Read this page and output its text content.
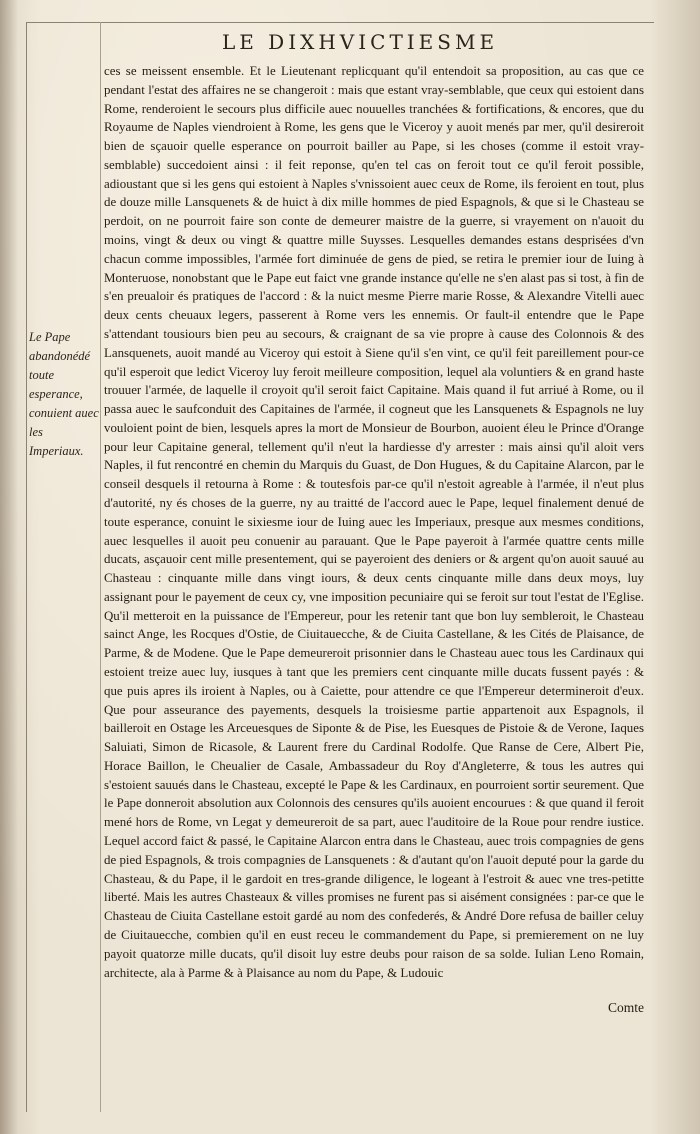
LE DIXHVICTIESME
Le Pape abandonédé toute esperance, conuient auec les Imperiaux.

ces se meissent ensemble. Et le Lieutenant replicquant qu'il entendoit sa proposition, au cas que ce pendant l'estat des affaires ne se changeroit : mais que estant vray-semblable, que ceux qui estoient dans Rome, renderoient le secours plus difficile auec nouuelles tranchées & fortifications, & encores, que du Royaume de Naples viendroient à Rome, les gens que le Viceroy y auoit menés par mer, qu'il desireroit bien de sçauoir quelle esperance on pourroit bailler au Pape, si les choses (comme il estoit vray-semblable) succedoient ainsi : il feit reponse, qu'en tel cas on feroit tout ce qu'il feroit possible, adioustant que si les gens qui estoient à Naples s'vnissoient auec ceux de Rome, ils feroient en tout, plus de douze mille Lansquenets & de huict à dix mille hommes de pied Espagnols, & que si le Chasteau se perdoit, on ne pourroit faire son conte de demeurer maistre de la guerre, si vrayement on n'auoit du moins, vingt & deux ou vingt & quattre mille Suysses. Lesquelles demandes estans desprisées d'vn chacun comme impossibles, l'armée fort diminuée de gens de pied, se retira le premier iour de Iuing à Monteruose, nonobstant que le Pape eut faict vne grande instance qu'elle ne s'en alast pas si tost, à fin de s'en preualoir és pratiques de l'accord : & la nuict mesme Pierre marie Rosse, & Alexandre Vitelli auec deux cents cheuaux legers, passerent à Rome vers les ennemis. Or fault-il entendre que le Pape s'attendant tousiours bien peu au secours, & craignant de sa vie propre à cause des Colonnois & des Lansquenets, auoit mandé au Viceroy qui estoit à Siene qu'il s'en vint, ce qu'il feit pareillement pour-ce qu'il esperoit que ledict Viceroy luy feroit meilleure composition, lequel ala voluntiers & en grand haste trouuer l'armée, de laquelle il croyoit qu'il seroit faict Capitaine. Mais quand il fut arriué à Rome, ou il passa auec le saufconduit des Capitaines de l'armée, il cogneut que les Lansquenets & Espagnols ne luy vouloient point de bien, lesquels apres la mort de Monsieur de Bourbon, auoient éleu le Prince d'Orange pour leur Capitaine general, tellement qu'il n'eut la hardiesse d'y arrester : mais ainsi qu'il aloit vers Naples, il fut rencontré en chemin du Marquis du Guast, de Don Hugues, & du Capitaine Alarcon, par le conseil desquels il retourna à Rome : & toutesfois par-ce qu'il n'estoit agreable à l'armée, il n'eut plus d'autorité, ny és choses de la guerre, ny au traitté de l'accord auec le Pape, lequel finalement denué de toute esperance, conuint le sixiesme iour de Iuing auec les Imperiaux, presque aux mesmes conditions, auec lesquelles il auoit peu conuenir au parauant. Que le Pape payeroit à l'armée quattre cents mille ducats, asçauoir cent mille presentement, qui se payeroient des deniers or & argent qu'on auoit sauué au Chasteau : cinquante mille dans vingt iours, & deux cents cinquante mille dans deux moys, luy assignant pour le payement de ceux cy, vne imposition pecuniaire qui se feroit sur tout l'estat de l'Eglise. Qu'il metteroit en la puissance de l'Empereur, pour les retenir tant que bon luy sembleroit, le Chasteau sainct Ange, les Rocques d'Ostie, de Ciuitauecche, & de Ciuita Castellane, & les Cités de Plaisance, de Parme, & de Modene. Que le Pape demeureroit prisonnier dans le Chasteau auec tous les Cardinaux qui estoient treize auec luy, iusques à tant que les premiers cent cinquante mille ducats fussent payés : & que puis apres ils iroient à Naples, ou à Caiette, pour attendre ce que l'Empereur determineroit d'eux. Que pour asseurance des payements, desquels la troisiesme partie appartenoit aux Espagnols, il bailleroit en Ostage les Arceuesques de Siponte & de Pise, les Euesques de Pistoie & de Verone, Iaques Saluiati, Simon de Ricasole, & Laurent frere du Cardinal Rodolfe. Que Ranse de Cere, Albert Pie, Horace Baillon, le Cheualier de Casale, Ambassadeur du Roy d'Angleterre, & tous les autres qui s'estoient sauués dans le Chasteau, excepté le Pape & les Cardinaux, en pourroient sortir seurement. Que le Pape donneroit absolution aux Colonnois des censures qu'ils auoient encourues : & que quand il feroit mené hors de Rome, vn Legat y demeureroit de sa part, auec l'auditoire de la Roue pour rendre iustice. Lequel accord faict & passé, le Capitaine Alarcon entra dans le Chasteau, auec trois compagnies de gens de pied Espagnols, & trois compagnies de Lansquenets : & d'autant qu'on l'auoit deputé pour la garde du Chasteau, & du Pape, il le gardoit en tres-grande diligence, le logeant à l'estroit & auec vne tres-petitte liberté. Mais les autres Chasteaux & villes promises ne furent pas si aisément consignées : par-ce que le Chasteau de Ciuita Castellane estoit gardé au nom des confederés, & André Dore refusa de bailler celuy de Ciuitauecche, combien qu'il en eust receu le commandement du Pape, si premierement on ne luy payoit quatorze mille ducats, qu'il disoit luy estre deubs pour raison de sa solde. Iulian Leno Romain, architecte, ala à Parme & à Plaisance au nom du Pape, & Ludouic

Comte
